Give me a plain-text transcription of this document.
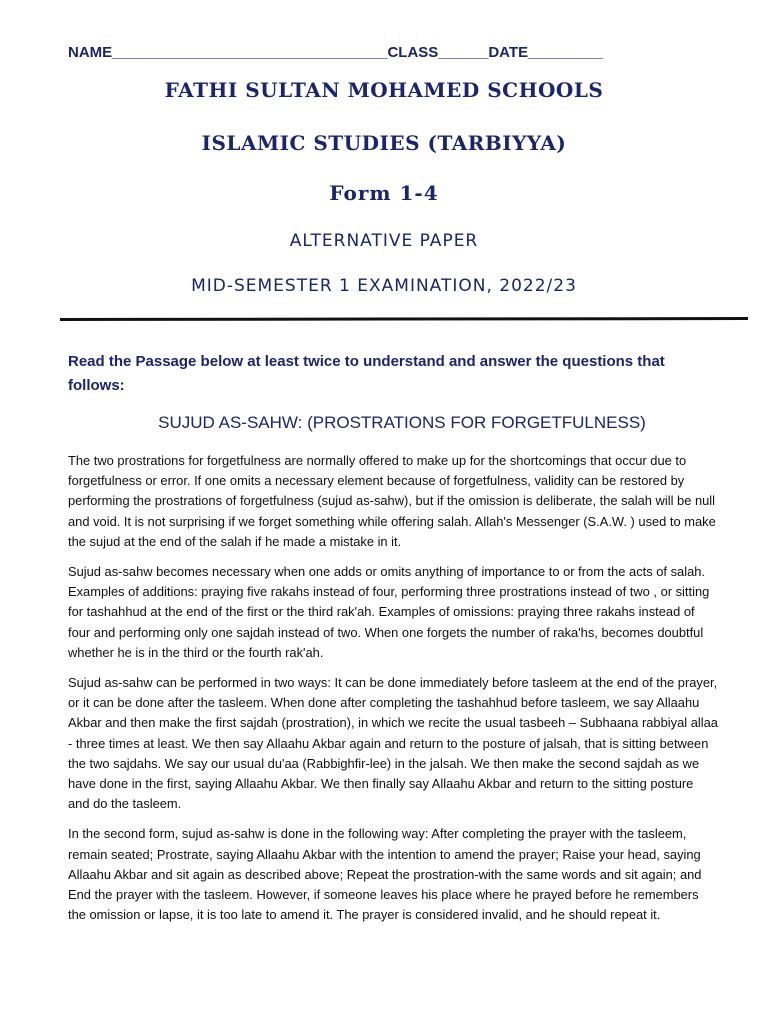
NAME_________________________________CLASS______DATE_________
FATHI SULTAN MOHAMED SCHOOLS
ISLAMIC STUDIES (TARBIYYA)
Form 1-4
ALTERNATIVE PAPER
MID-SEMESTER 1 EXAMINATION, 2022/23
Read the Passage below at least twice to understand and answer the questions that follows:
SUJUD AS-SAHW: (PROSTRATIONS FOR FORGETFULNESS)

The two prostrations for forgetfulness are normally offered to make up for the shortcomings that occur due to forgetfulness or error. If one omits a necessary element because of forgetfulness, validity can be restored by performing the prostrations of forgetfulness (sujud as-sahw), but if the omission is deliberate, the salah will be null and void. It is not surprising if we forget something while offering salah. Allah's Messenger (S.A.W. ) used to make the sujud at the end of the salah if he made a mistake in it.

Sujud as-sahw becomes necessary when one adds or omits anything of importance to or from the acts of salah. Examples of additions: praying five rakahs instead of four, performing three prostrations instead of two , or sitting for tashahhud at the end of the first or the third rak'ah. Examples of omissions: praying three rakahs instead of four and performing only one sajdah instead of two. When one forgets the number of raka'hs, becomes doubtful whether he is in the third or the fourth rak'ah.

Sujud as-sahw can be performed in two ways: It can be done immediately before tasleem at the end of the prayer, or it can be done after the tasleem. When done after completing the tashahhud before tasleem, we say Allaahu Akbar and then make the first sajdah (prostration), in which we recite the usual tasbeeh – Subhaana rabbiyal allaa - three times at least. We then say Allaahu Akbar again and return to the posture of jalsah, that is sitting between the two sajdahs. We say our usual du'aa (Rabbighfir-lee) in the jalsah. We then make the second sajdah as we have done in the first, saying Allaahu Akbar. We then finally say Allaahu Akbar and return to the sitting posture and do the tasleem.

In the second form, sujud as-sahw is done in the following way: After completing the prayer with the tasleem, remain seated; Prostrate, saying Allaahu Akbar with the intention to amend the prayer; Raise your head, saying Allaahu Akbar and sit again as described above; Repeat the prostration-with the same words and sit again; and End the prayer with the tasleem. However, if someone leaves his place where he prayed before he remembers the omission or lapse, it is too late to amend it. The prayer is considered invalid, and he should repeat it.
